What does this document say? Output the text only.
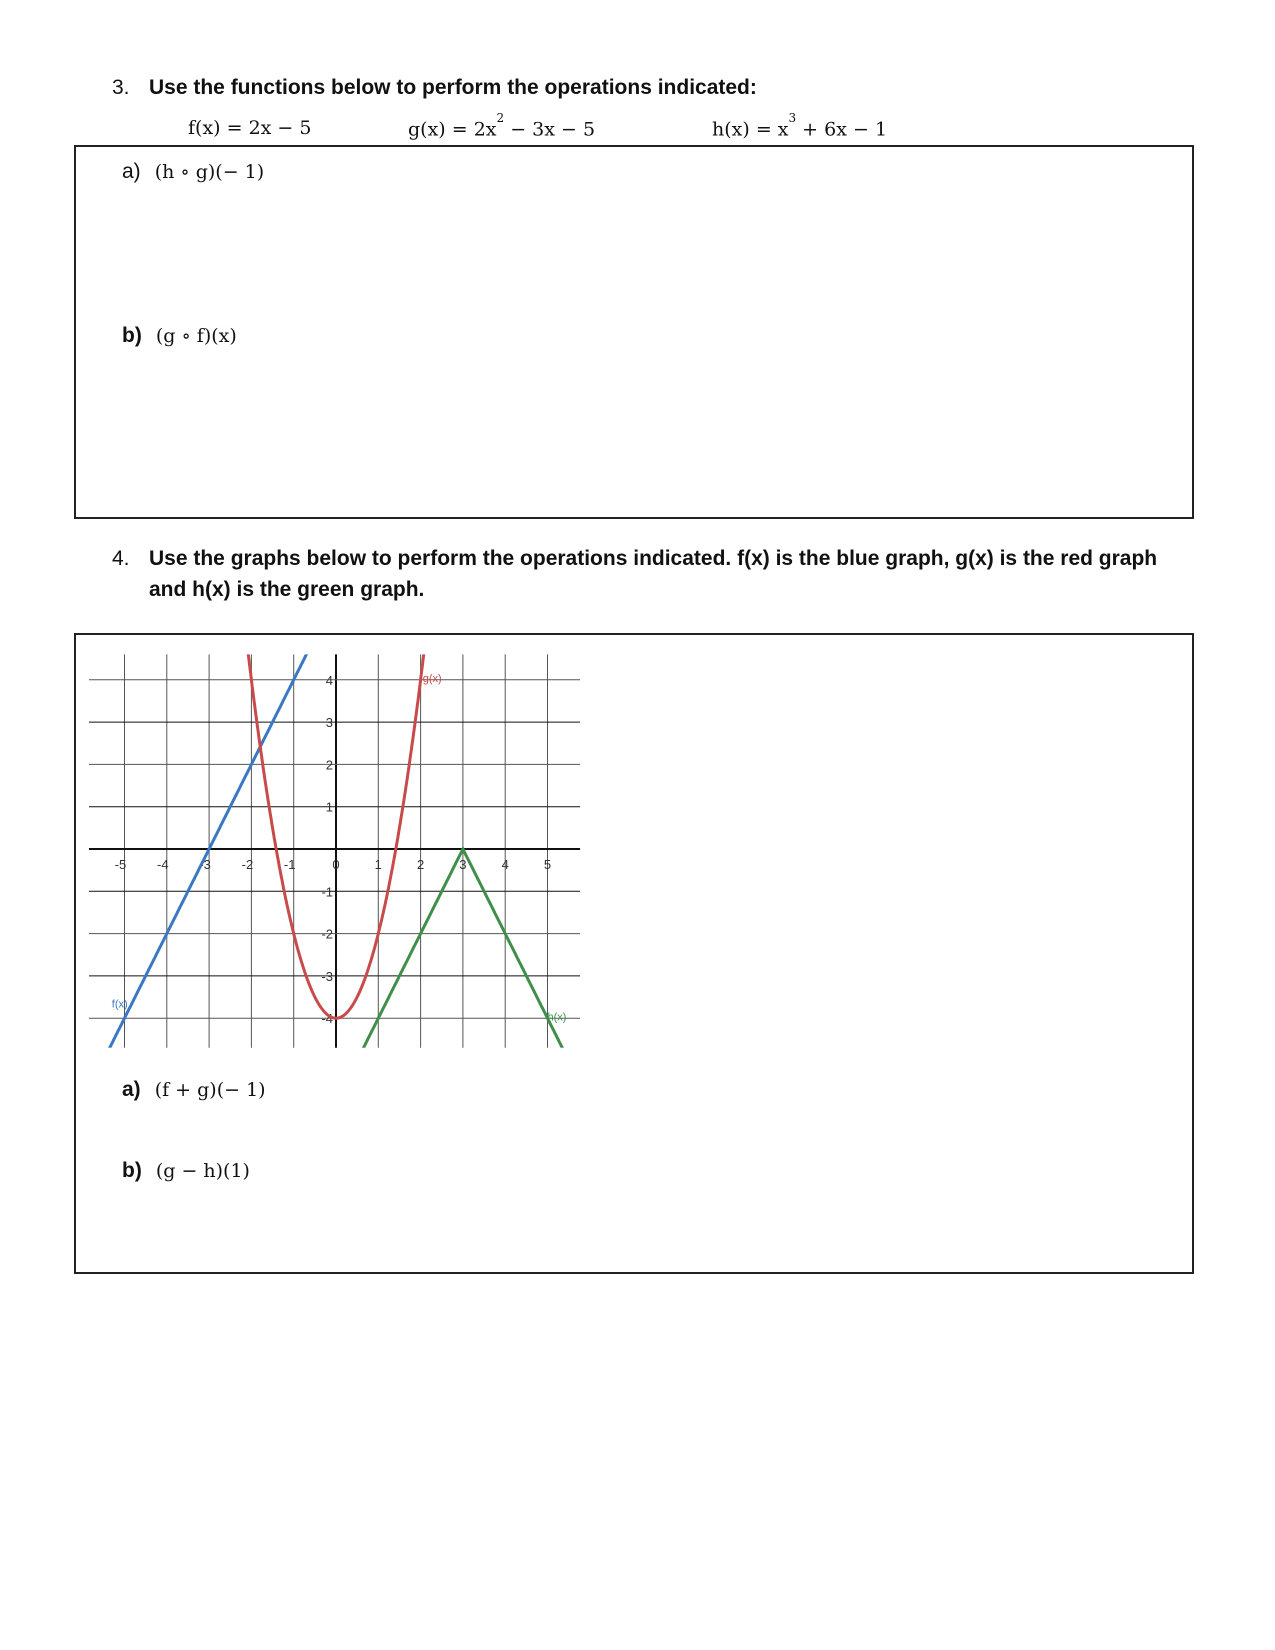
3. Use the functions below to perform the operations indicated:
f(x) = 2x − 5	$g(x) = 2x^2 - 3x - 5$	$h(x) = x^3 + 6x - 1$
a) (h ∘ g)(− 1)
b) (g ∘ f)(x)
4. Use the graphs below to perform the operations indicated. f(x) is the blue graph, g(x) is the red graph
and h(x) is the green graph.
-5 -4 -3 -2 -1	0	1	2	3	4	5
-4
-3
-2
-1
1
2
3
4
f(x)
g(x)
h(x)
a) (f + g)(− 1)
b) (g − h)(1)
